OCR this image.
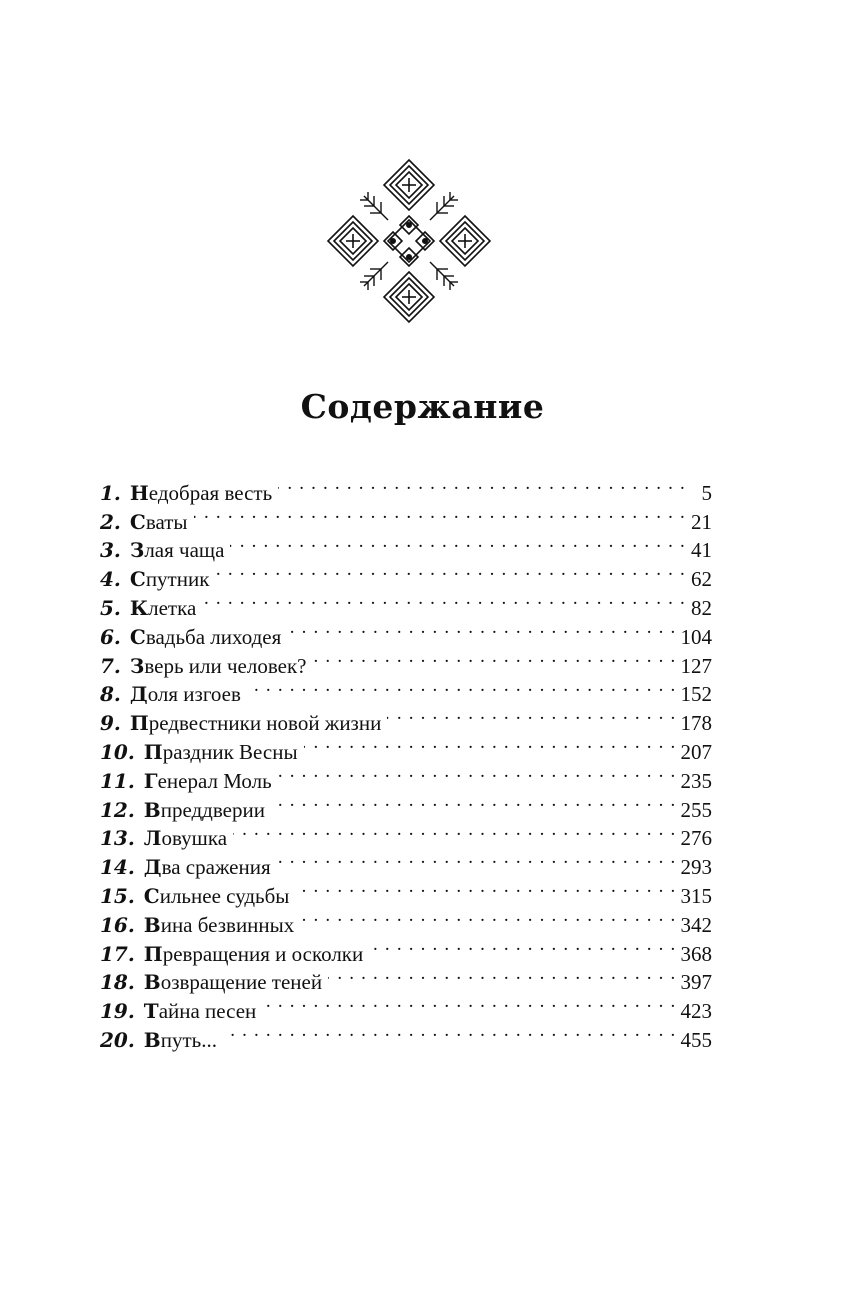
Содержание
1. Н едобрая весть . . .	5
2. С ваты . . .	21
3. З лая чаща . . .	41
4. С путник . . .	62
5. К летка . . .	82
6. С вадьба лиходея . . .	104
7. З верь или человек? . . .	127
8. Д оля изгоев . . .	152
9. П редвестники новой жизни . . .	178
10. П раздник Весны . . .	207
11. Г енерал Моль . . .	235
12. В преддверии . . .	255
13. Л овушка . . .	276
14. Д ва сражения . . .	293
15. С ильнее судьбы . . .	315
16. В ина безвинных . . .	342
17. П ревращения и осколки . . .	368
18. В озвращение теней . . .	397
19. Т айна песен . . .	423
20. В путь... . . .	455
